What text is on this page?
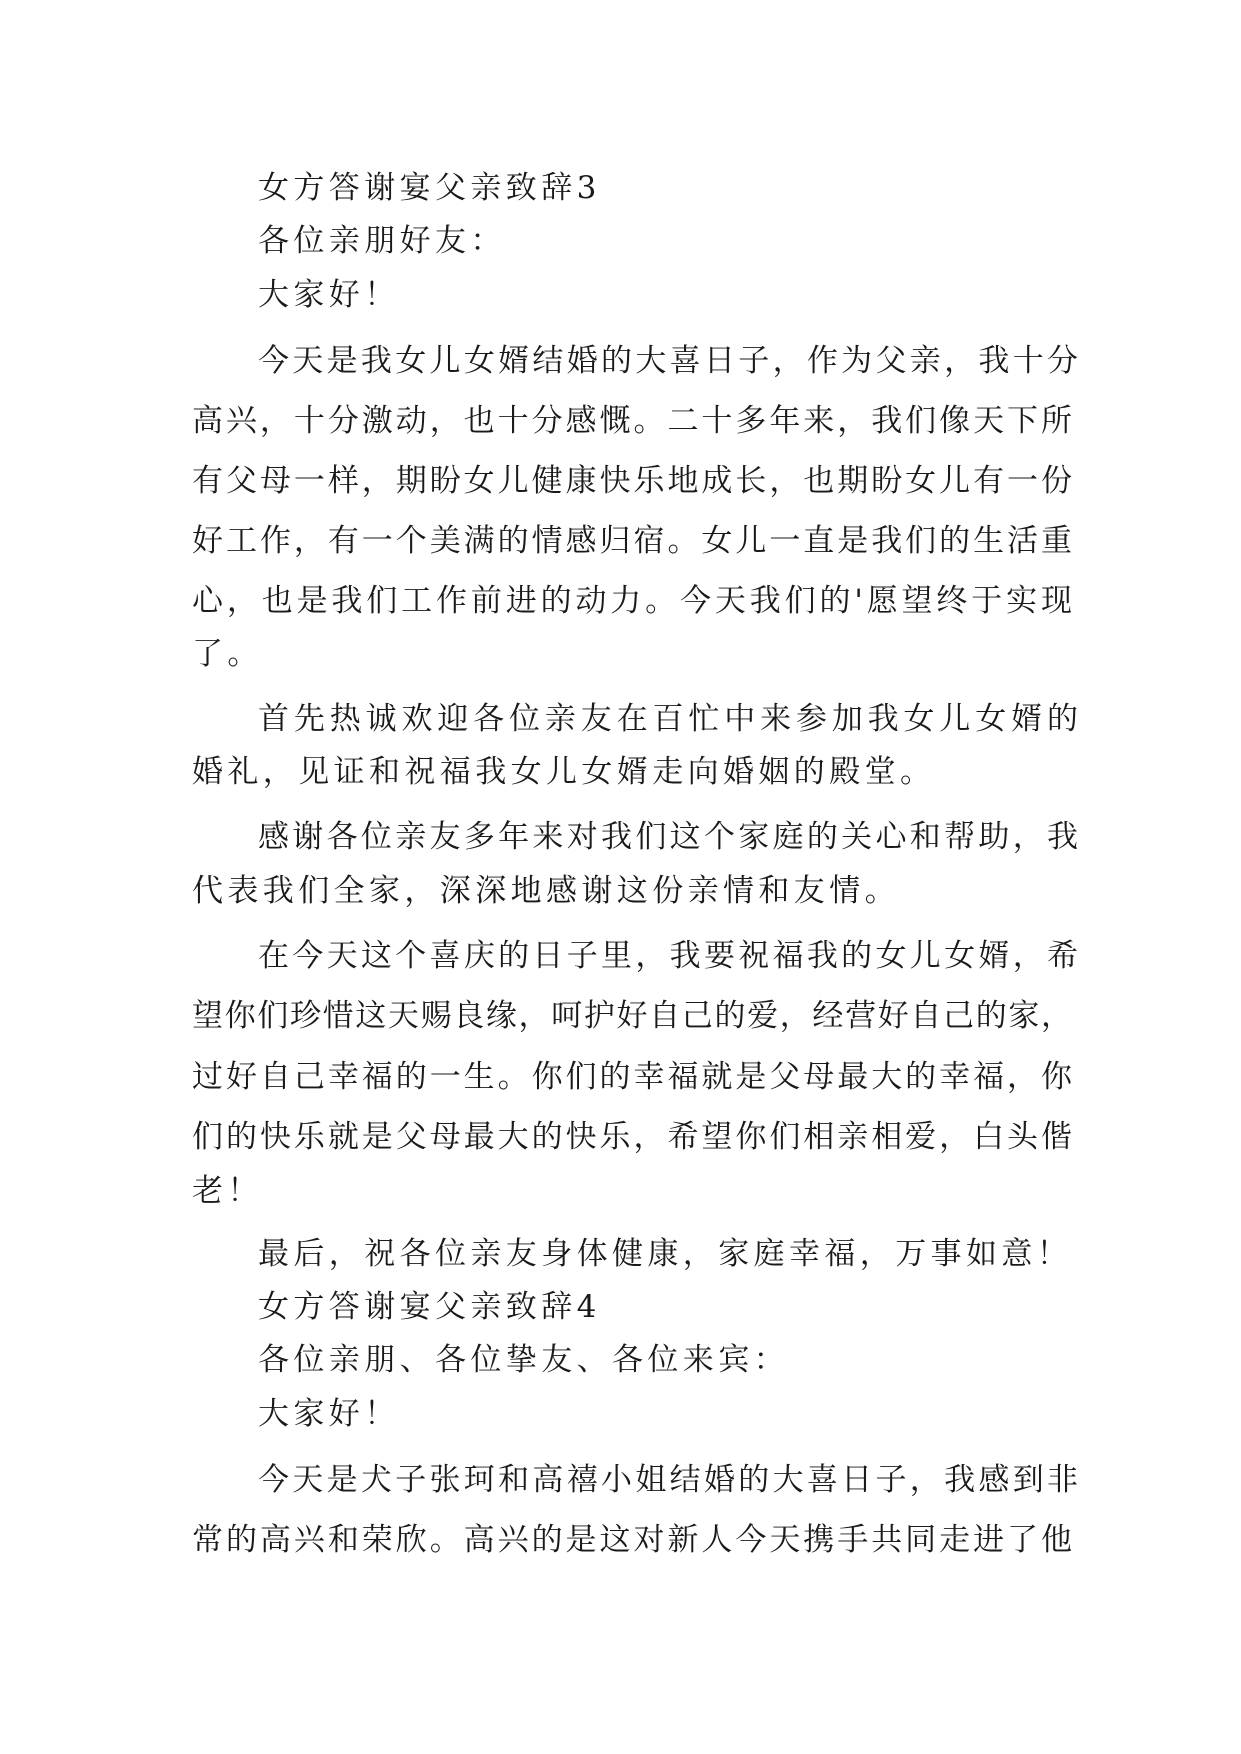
女方答谢宴父亲致辞3
各位亲朋好友：
大家好！
今天是我女儿女婿结婚的大喜日子，作为父亲，我十分
高兴，十分激动，也十分感慨。二十多年来，我们像天下所
有父母一样，期盼女儿健康快乐地成长，也期盼女儿有一份
好工作，有一个美满的情感归宿。女儿一直是我们的生活重
心，也是我们工作前进的动力。今天我们的'愿望终于实现
了。
首先热诚欢迎各位亲友在百忙中来参加我女儿女婿的
婚礼，见证和祝福我女儿女婿走向婚姻的殿堂。
感谢各位亲友多年来对我们这个家庭的关心和帮助，我
代表我们全家，深深地感谢这份亲情和友情。
在今天这个喜庆的日子里，我要祝福我的女儿女婿，希
望你们珍惜这天赐良缘，呵护好自己的爱，经营好自己的家，
过好自己幸福的一生。你们的幸福就是父母最大的幸福，你
们的快乐就是父母最大的快乐，希望你们相亲相爱，白头偕
老！
最后，祝各位亲友身体健康，家庭幸福，万事如意！
女方答谢宴父亲致辞4
各位亲朋、各位挚友、各位来宾：
大家好！
今天是犬子张珂和高禧小姐结婚的大喜日子，我感到非
常的高兴和荣欣。高兴的是这对新人今天携手共同走进了他
